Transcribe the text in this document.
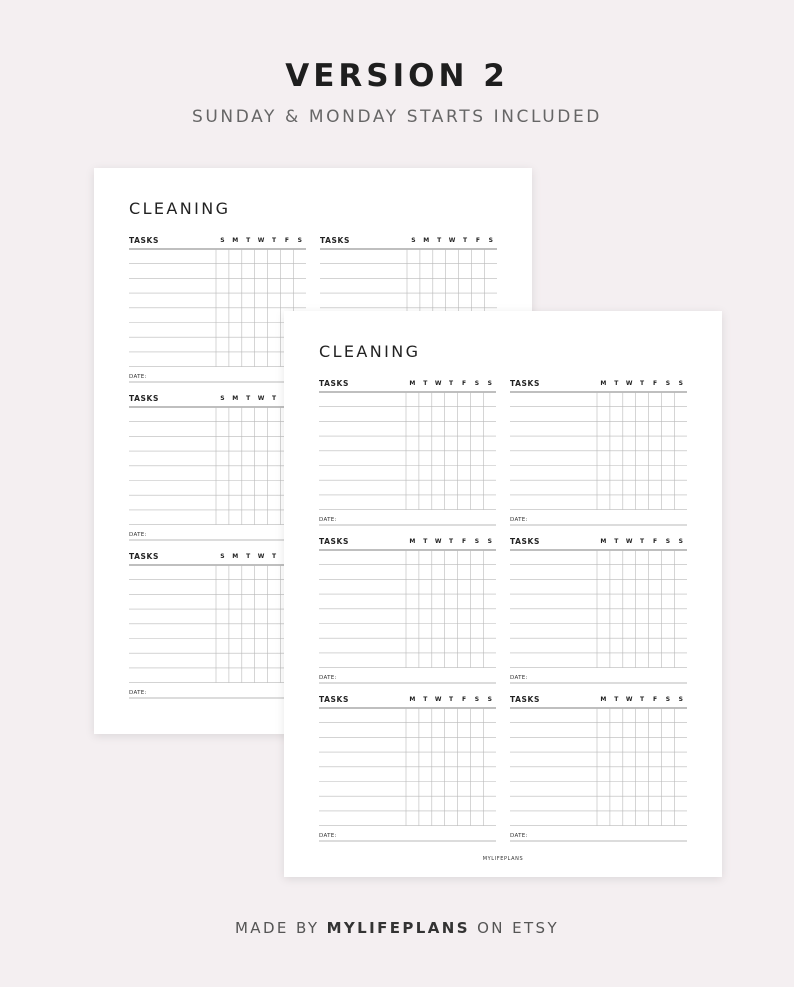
VERSION 2
SUNDAY & MONDAY STARTS INCLUDED
CLEANING
TASKS	S	M	T	W	T	F	S
DATE:
TASKS	S	M	T	W	T	F	S
TASKS	S	M	T	W	T
DATE:
TASKS	S	M	T	W	T
DATE:
CLEANING
MYLIFEPLANS
TASKS	M	T	W	T	F	S	S
DATE:
TASKS	M	T	W	T	F	S	S
DATE:
TASKS	M	T	W	T	F	S	S
DATE:
TASKS	M	T	W	T	F	S	S
DATE:
TASKS	M	T	W	T	F	S	S
DATE:
TASKS	M	T	W	T	F	S	S
DATE:
MADE BY MYLIFEPLANS ON ETSY
